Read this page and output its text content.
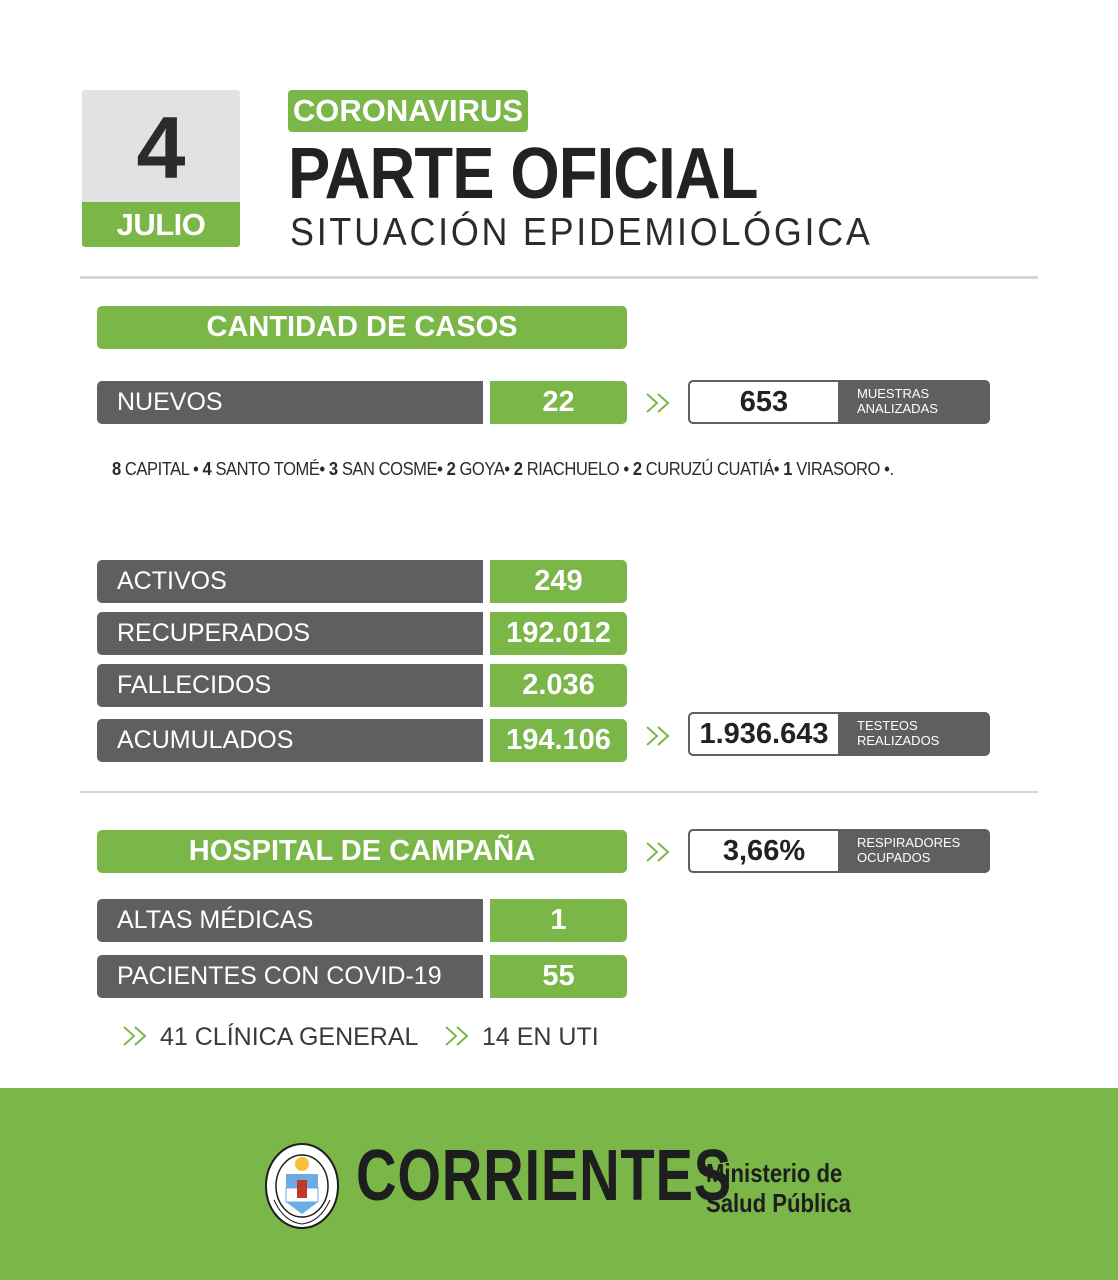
4
JULIO
CORONAVIRUS
PARTE OFICIAL
SITUACIÓN EPIDEMIOLÓGICA
CANTIDAD DE CASOS
NUEVOS	22	653	MUESTRAS
ANALIZADAS
8 CAPITAL • 4 SANTO TOMÉ• 3 SAN COSME• 2 GOYA• 2 RIACHUELO • 2 CURUZÚ CUATIÁ• 1 VIRASORO •.
ACTIVOS	249
RECUPERADOS	192.012
FALLECIDOS	2.036
ACUMULADOS	194.106	1.936.643	TESTEOS
REALIZADOS
HOSPITAL DE CAMPAÑA	3,66%	RESPIRADORES
OCUPADOS
ALTAS MÉDICAS	1
PACIENTES CON COVID-19	55
41 CLÍNICA GENERAL	14 EN UTI
CORRIENTES
Ministerio de
Salud Pública
